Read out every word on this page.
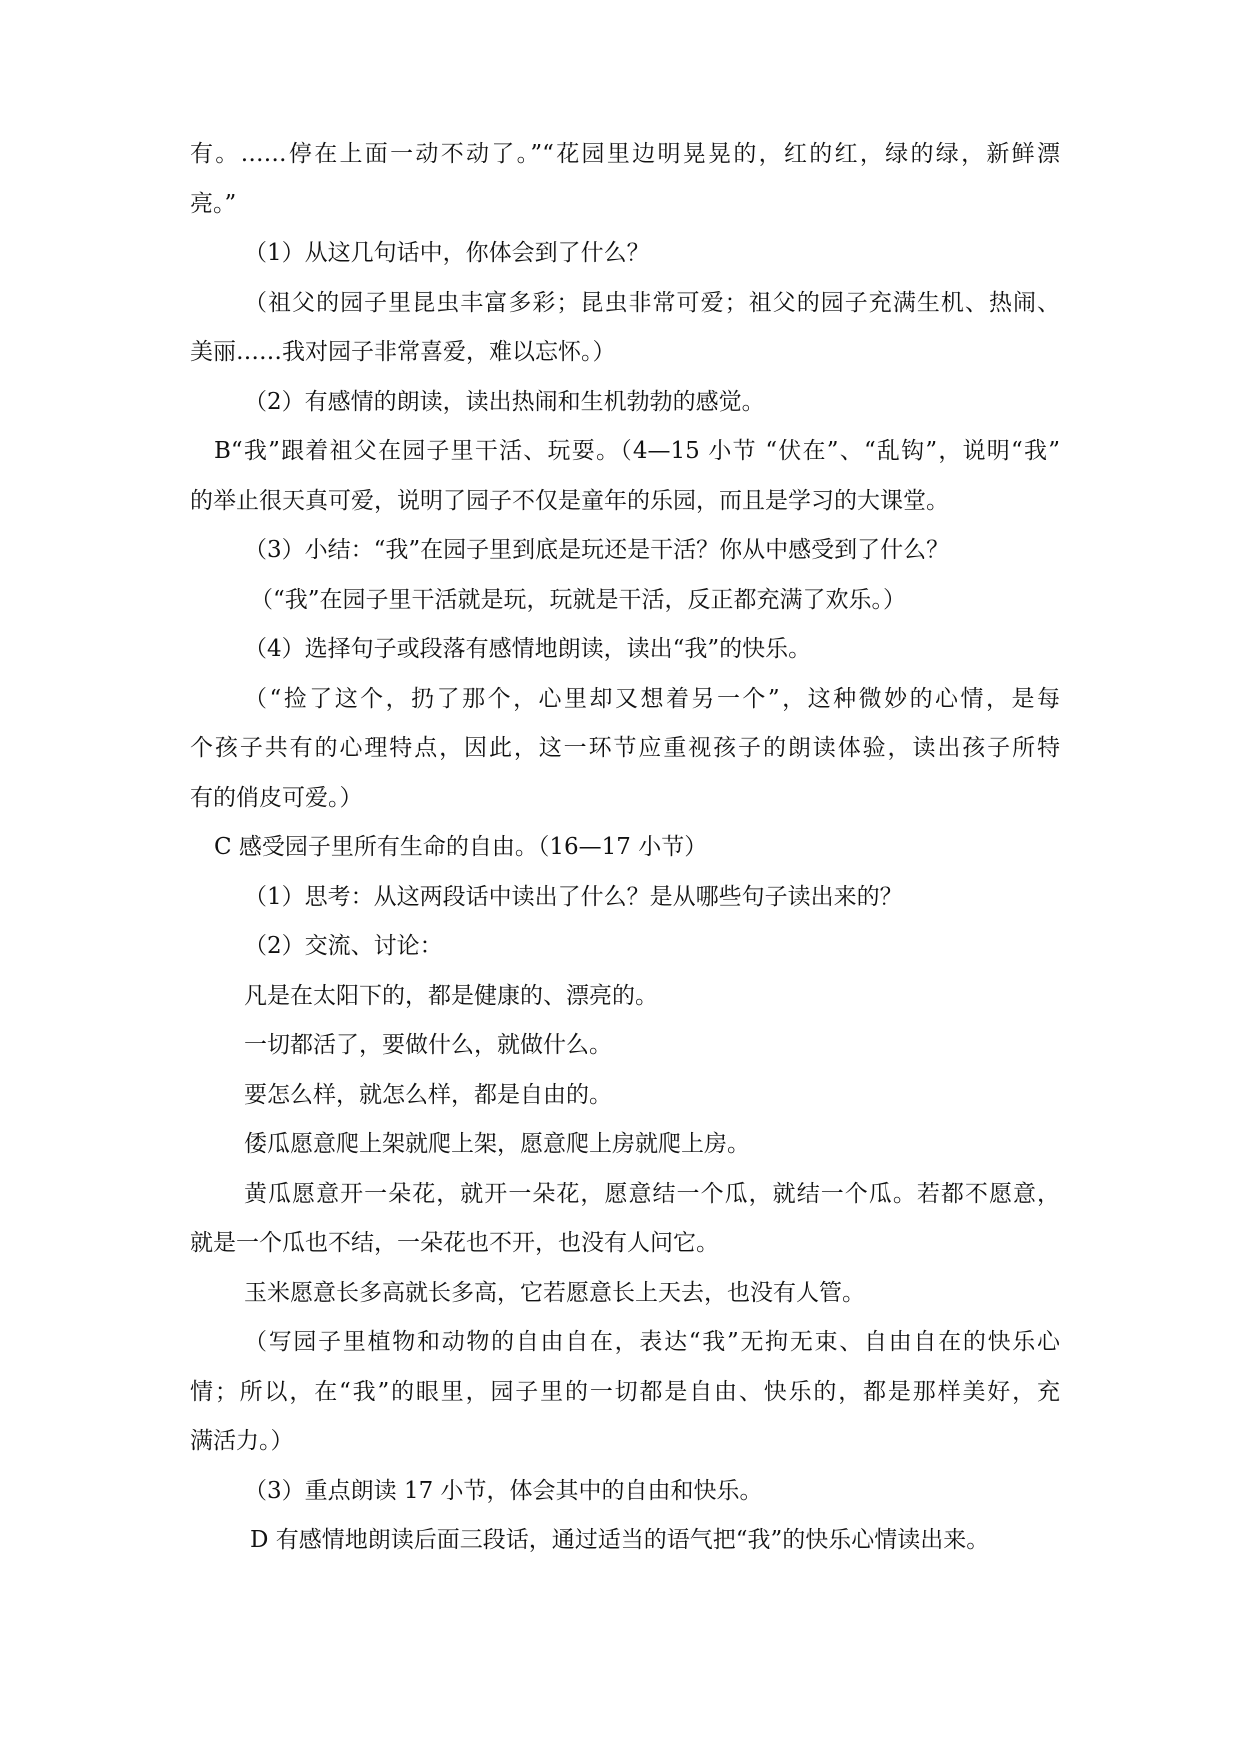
有。……停在上面一动不动了。”“花园里边明晃晃的，红的红，绿的绿，新鲜漂
亮。”
（1）从这几句话中，你体会到了什么？
（祖父的园子里昆虫丰富多彩；昆虫非常可爱；祖父的园子充满生机、热闹、
美丽……我对园子非常喜爱，难以忘怀。）
（2）有感情的朗读，读出热闹和生机勃勃的感觉。
B“我”跟着祖父在园子里干活、玩耍。（4—15 小节 “伏在”、“乱钩”，说明“我”
的举止很天真可爱，说明了园子不仅是童年的乐园，而且是学习的大课堂。
（3）小结：“我”在园子里到底是玩还是干活？你从中感受到了什么？
（“我”在园子里干活就是玩，玩就是干活，反正都充满了欢乐。）
（4）选择句子或段落有感情地朗读，读出“我”的快乐。
（“捡了这个，扔了那个，心里却又想着另一个”，这种微妙的心情，是每
个孩子共有的心理特点，因此，这一环节应重视孩子的朗读体验，读出孩子所特
有的俏皮可爱。）
C 感受园子里所有生命的自由。（16—17 小节）
（1）思考：从这两段话中读出了什么？是从哪些句子读出来的？
（2）交流、讨论：
凡是在太阳下的，都是健康的、漂亮的。
一切都活了，要做什么，就做什么。
要怎么样，就怎么样，都是自由的。
倭瓜愿意爬上架就爬上架，愿意爬上房就爬上房。
黄瓜愿意开一朵花，就开一朵花，愿意结一个瓜，就结一个瓜。若都不愿意，
就是一个瓜也不结，一朵花也不开，也没有人问它。
玉米愿意长多高就长多高，它若愿意长上天去，也没有人管。
（写园子里植物和动物的自由自在，表达“我”无拘无束、自由自在的快乐心
情；所以，在“我”的眼里，园子里的一切都是自由、快乐的，都是那样美好，充
满活力。）
（3）重点朗读 17 小节，体会其中的自由和快乐。
D 有感情地朗读后面三段话，通过适当的语气把“我”的快乐心情读出来。
